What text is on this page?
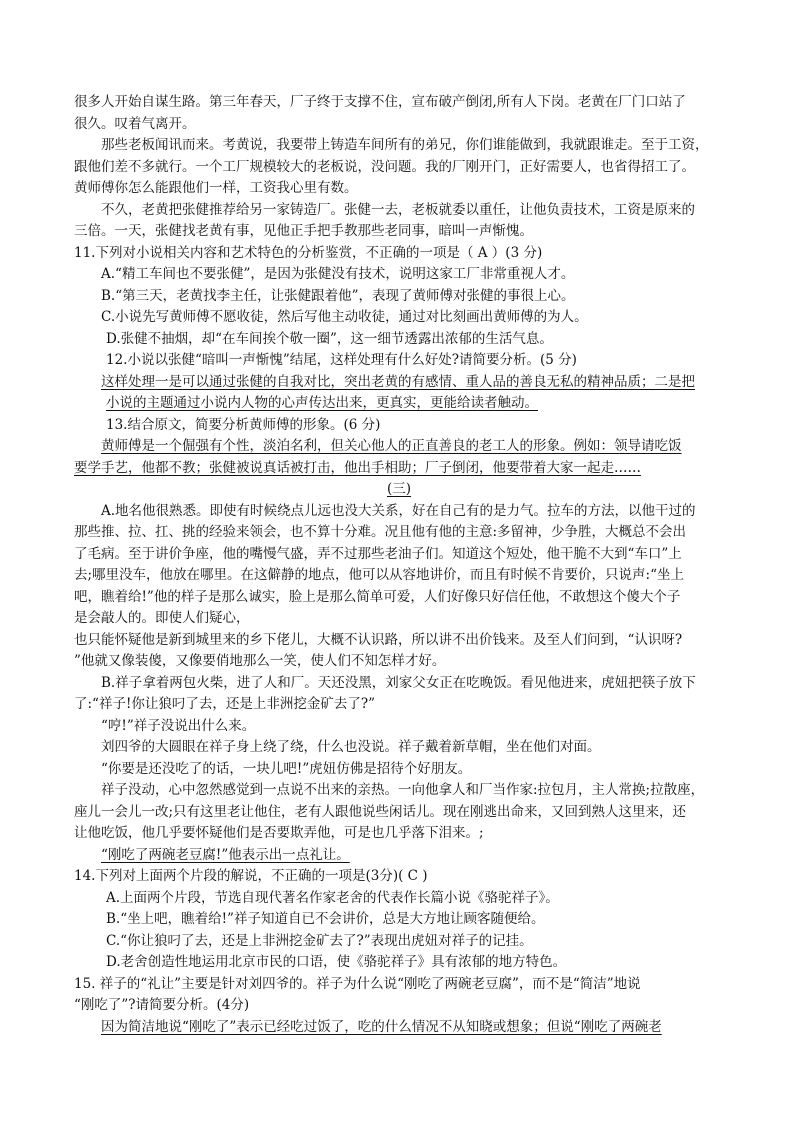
很多人开始自谋生路。第三年春天，厂子终于支撑不住，宣布破产倒闭,所有人下岗。老黄在厂门口站了
很久。叹着气离开。
那些老板闻讯而来。考黄说，我要带上铸造车间所有的弟兄，你们谁能做到，我就跟谁走。至于工资，
跟他们差不多就行。一个工厂规模较大的老板说，没问题。我的厂刚开门，正好需要人，也省得招工了。
黄师傅你怎么能跟他们一样，工资我心里有数。
不久，老黄把张健推荐给另一家铸造厂。张健一去，老板就委以重任，让他负责技术，工资是原来的
三倍。一天，张健找老黄有事，见他正手把手教那些老同事，暗叫一声惭愧。
11.下列对小说相关内容和艺术特色的分析鉴赏，不正确的一项是（ A ）(3 分)
A.“精工车间也不要张健”，是因为张健没有技术，说明这家工厂非常重视人才。
B.“第三天，老黄找李主任，让张健跟着他”，表现了黄师傅对张健的事很上心。
C.小说先写黄师傅不愿收徒，然后写他主动收徒，通过对比刻画出黄师傅的为人。
D.张健不抽烟，却“在车间挨个敬一圈”，这一细节透露出浓郁的生活气息。
12.小说以张健“暗叫一声惭愧”结尾，这样处理有什么好处?请简要分析。(5 分)
这样处理一是可以通过张健的自我对比，突出老黄的有感情、重人品的善良无私的精神品质；二是把
小说的主题通过小说内人物的心声传达出来，更真实，更能给读者触动。
13.结合原文，简要分析黄师傅的形象。(6 分)
黄师傅是一个倔强有个性，淡泊名利，但关心他人的正直善良的老工人的形象。例如：领导请吃饭
要学手艺，他都不教；张健被说真话被打击，他出手相助；厂子倒闭，他要带着大家一起走……
(三)
A.地名他很熟悉。即使有时候绕点儿远也没大关系，好在自己有的是力气。拉车的方法，以他干过的
那些推、拉、扛、挑的经验来领会，也不算十分难。况且他有他的主意:多留神，少争胜，大概总不会出
了毛病。至于讲价争座，他的嘴慢气盛，弄不过那些老油子们。知道这个短处，他干脆不大到“车口”上
去;哪里没车，他放在哪里。在这僻静的地点，他可以从容地讲价，而且有时候不肯要价，只说声:“坐上
吧，瞧着给!”他的样子是那么诚实，脸上是那么简单可爱，人们好像只好信任他，不敢想这个傻大个子
是会敲人的。即使人们疑心，
也只能怀疑他是新到城里来的乡下佬儿，大概不认识路，所以讲不出价钱来。及至人们问到，“认识呀?
”他就又像装傻，又像要俏地那么一笑，使人们不知怎样才好。
B.祥子拿着两包火柴，进了人和厂。天还没黑，刘家父女正在吃晚饭。看见他进来，虎妞把筷子放下
了:“祥子!你让狼叼了去，还是上非洲挖金矿去了?”
“哼!”祥子没说出什么来。
刘四爷的大圆眼在祥子身上绕了绕，什么也没说。祥子戴着新草帽，坐在他们对面。
“你要是还没吃了的话，一块儿吧!”虎妞仿佛是招待个好朋友。
祥子没动，心中忽然感觉到一点说不出来的亲热。一向他拿人和厂当作家:拉包月，主人常换;拉散座，
座儿一会儿一改;只有这里老让他住，老有人跟他说些闲话儿。现在刚逃出命来，又回到熟人这里来，还
让他吃饭，他几乎要怀疑他们是否要欺弄他，可是也几乎落下泪来。;
“刚吃了两碗老豆腐!”他表示出一点礼让。
14.下列对上面两个片段的解说，不正确的一项是(3分)( C )
A.上面两个片段，节选自现代著名作家老舍的代表作长篇小说《骆驼祥子》。
B.“坐上吧，瞧着给!”祥子知道自已不会讲价，总是大方地让顾客随便给。
C.“你让狼叼了去，还是上非洲挖金矿去了?”表现出虎妞对祥子的记挂。
D.老舍创造性地运用北京市民的口语，使《骆驼祥子》具有浓郁的地方特色。
15. 祥子的“礼让”主要是针对刘四爷的。祥子为什么说“刚吃了两碗老豆腐”，而不是“简洁”地说
“刚吃了”?请简要分析。(4分)
因为简洁地说“刚吃了”表示已经吃过饭了，吃的什么情况不从知晓或想象；但说“刚吃了两碗老
